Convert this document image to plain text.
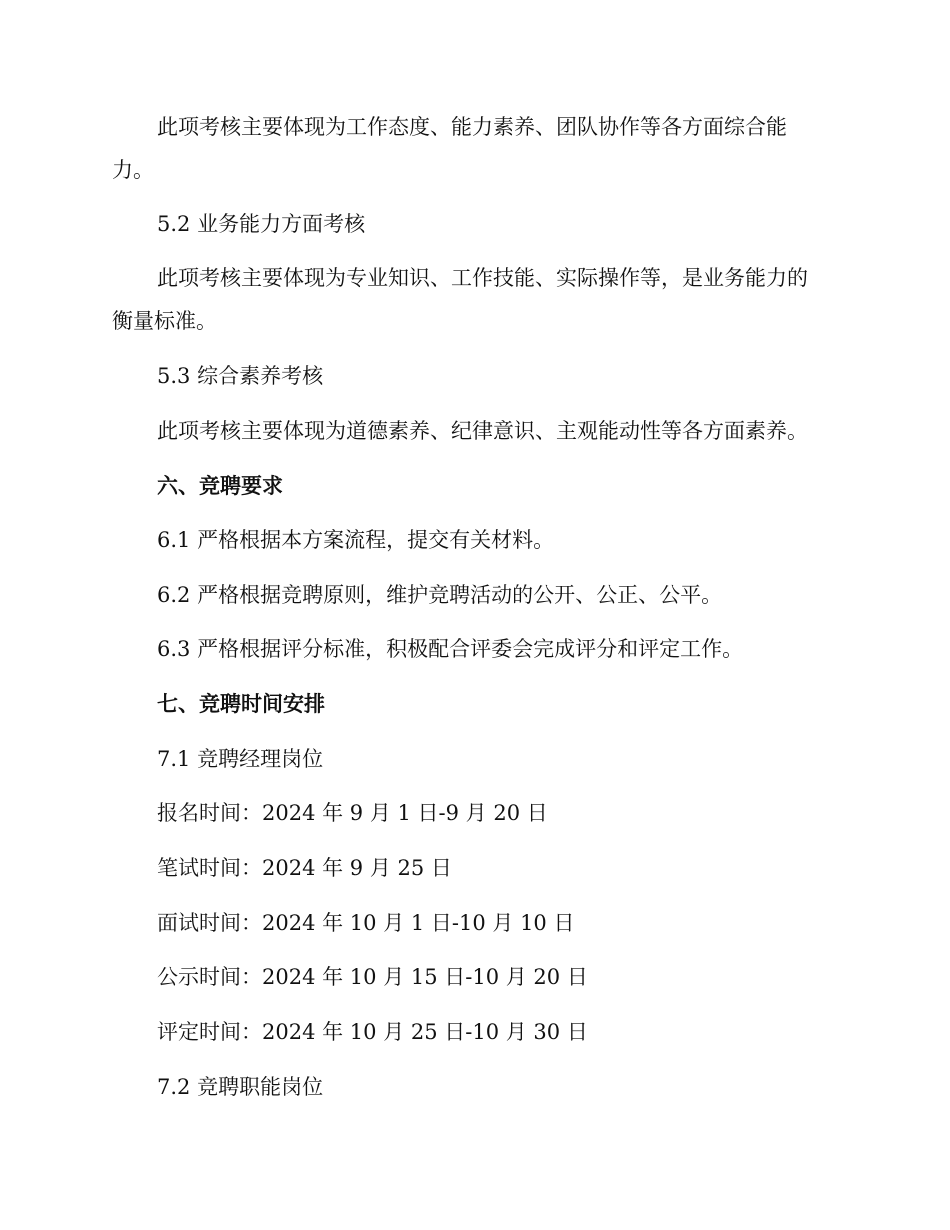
此项考核主要体现为工作态度、能力素养、团队协作等各方面综合能
力。
5.2 业务能力方面考核
此项考核主要体现为专业知识、工作技能、实际操作等，是业务能力的
衡量标准。
5.3 综合素养考核
此项考核主要体现为道德素养、纪律意识、主观能动性等各方面素养。
六、竞聘要求
6.1 严格根据本方案流程，提交有关材料。
6.2 严格根据竞聘原则，维护竞聘活动的公开、公正、公平。
6.3 严格根据评分标准，积极配合评委会完成评分和评定工作。
七、竞聘时间安排
7.1 竞聘经理岗位
报名时间：2024 年 9 月 1 日-9 月 20 日
笔试时间：2024 年 9 月 25 日
面试时间：2024 年 10 月 1 日-10 月 10 日
公示时间：2024 年 10 月 15 日-10 月 20 日
评定时间：2024 年 10 月 25 日-10 月 30 日
7.2 竞聘职能岗位
